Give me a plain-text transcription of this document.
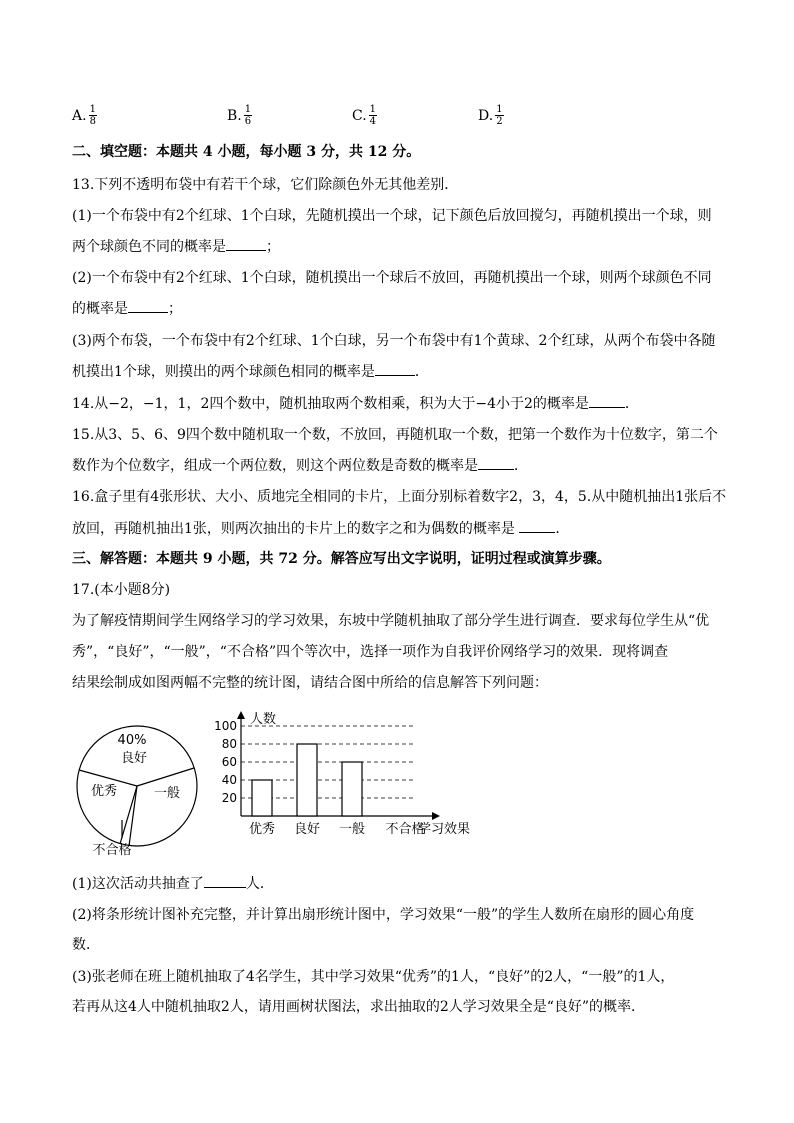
A. $\frac{1}{8}$	B. $\frac{1}{6}$	C. $\frac{1}{4}$	D. $\frac{1}{2}$
二、填空题：本题共 4 小题，每小题 3 分，共 12 分。
13.下列不透明布袋中有若干个球，它们除颜色外无其他差别．
(1)一个布袋中有2个红球、1个白球，先随机摸出一个球，记下颜色后放回搅匀，再随机摸出一个球，则
两个球颜色不同的概率是	；
(2)一个布袋中有2个红球、1个白球，随机摸出一个球后不放回，再随机摸出一个球，则两个球颜色不同
的概率是	；
(3)两个布袋，一个布袋中有2个红球、1个白球，另一个布袋中有1个黄球、2个红球，从两个布袋中各随
机摸出1个球，则摸出的两个球颜色相同的概率是	．
14.从−2，−1，1，2四个数中，随机抽取两个数相乘，积为大于−4小于2的概率是	．
15.从3、5、6、9四个数中随机取一个数，不放回，再随机取一个数，把第一个数作为十位数字，第二个
数作为个位数字，组成一个两位数，则这个两位数是奇数的概率是	．
16.盒子里有4张形状、大小、质地完全相同的卡片，上面分别标着数字2，3，4，5.从中随机抽出1张后不
放回，再随机抽出1张，则两次抽出的卡片上的数字之和为偶数的概率是	．
三、解答题：本题共 9 小题，共 72 分。解答应写出文字说明，证明过程或演算步骤。
17.(本小题8分)
为了解疫情期间学生网络学习的学习效果，东坡中学随机抽取了部分学生进行调查．要求每位学生从“优
秀”，“良好”，“一般”，“不合格”四个等次中，选择一项作为自我评价网络学习的效果．现将调查
结果绘制成如图两幅不完整的统计图，请结合图中所给的信息解答下列问题：
40%
良好
优秀	一般
不合格
人数
学习效果
20
40
60
80
100
优秀 良好 一般 不合格
(1)这次活动共抽查了	人．
(2)将条形统计图补充完整，并计算出扇形统计图中，学习效果“一般”的学生人数所在扇形的圆心角度
数．
(3)张老师在班上随机抽取了4名学生，其中学习效果“优秀”的1人，“良好”的2人，“一般”的1人，
若再从这4人中随机抽取2人，请用画树状图法，求出抽取的2人学习效果全是“良好”的概率．
